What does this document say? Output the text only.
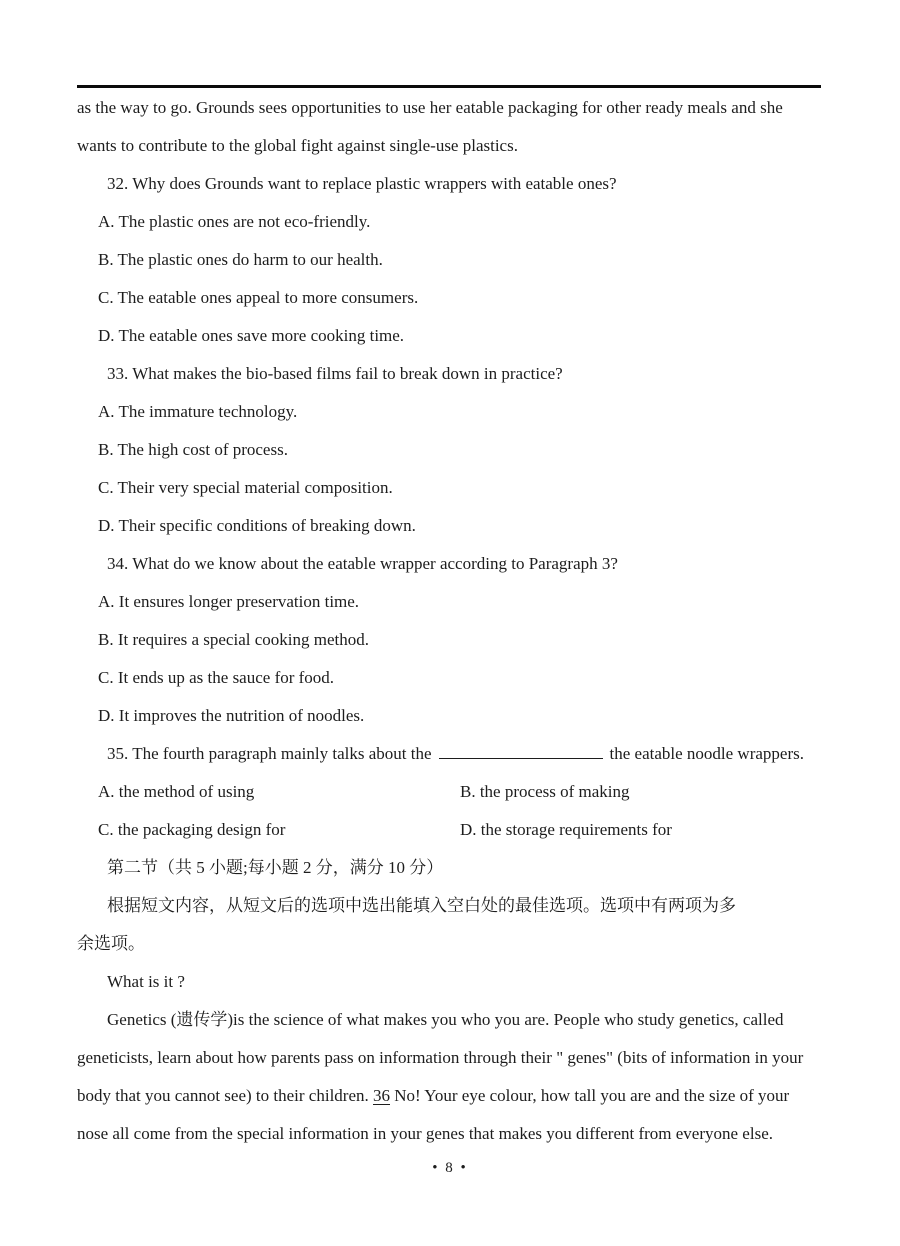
as the way to go. Grounds sees opportunities to use her eatable packaging for other ready meals and she

wants to contribute to the global fight against single-use plastics.

32. Why does Grounds want to replace plastic wrappers with eatable ones?

A. The plastic ones are not eco-friendly.

B. The plastic ones do harm to our health.

C. The eatable ones appeal to more consumers.

D. The eatable ones save more cooking time.

33. What makes the bio-based films fail to break down in practice?

A. The immature technology.

B. The high cost of process.

C. Their very special material composition.

D. Their specific conditions of breaking down.

34. What do we know about the eatable wrapper according to Paragraph 3?

A. It ensures longer preservation time.

B. It requires a special cooking method.

C. It ends up as the sauce for food.

D. It improves the nutrition of noodles.

35. The fourth paragraph mainly talks about the	the eatable noodle wrappers.

A. the method of using	B. the process of making

C. the packaging design for	D. the storage requirements for

第二节（共 5 小题;每小题 2 分，满分 10 分）

根据短文内容，从短文后的选项中选出能填入空白处的最佳选项。选项中有两项为多

余选项。

What is it ?

Genetics (遗传学)is the science of what makes you who you are. People who study genetics, called

geneticists, learn about how parents pass on information through their " genes" (bits of information in your

body that you cannot see) to their children. 36 No! Your eye colour, how tall you are and the size of your

nose all come from the special information in your genes that makes you different from everyone else.

• 8 •
